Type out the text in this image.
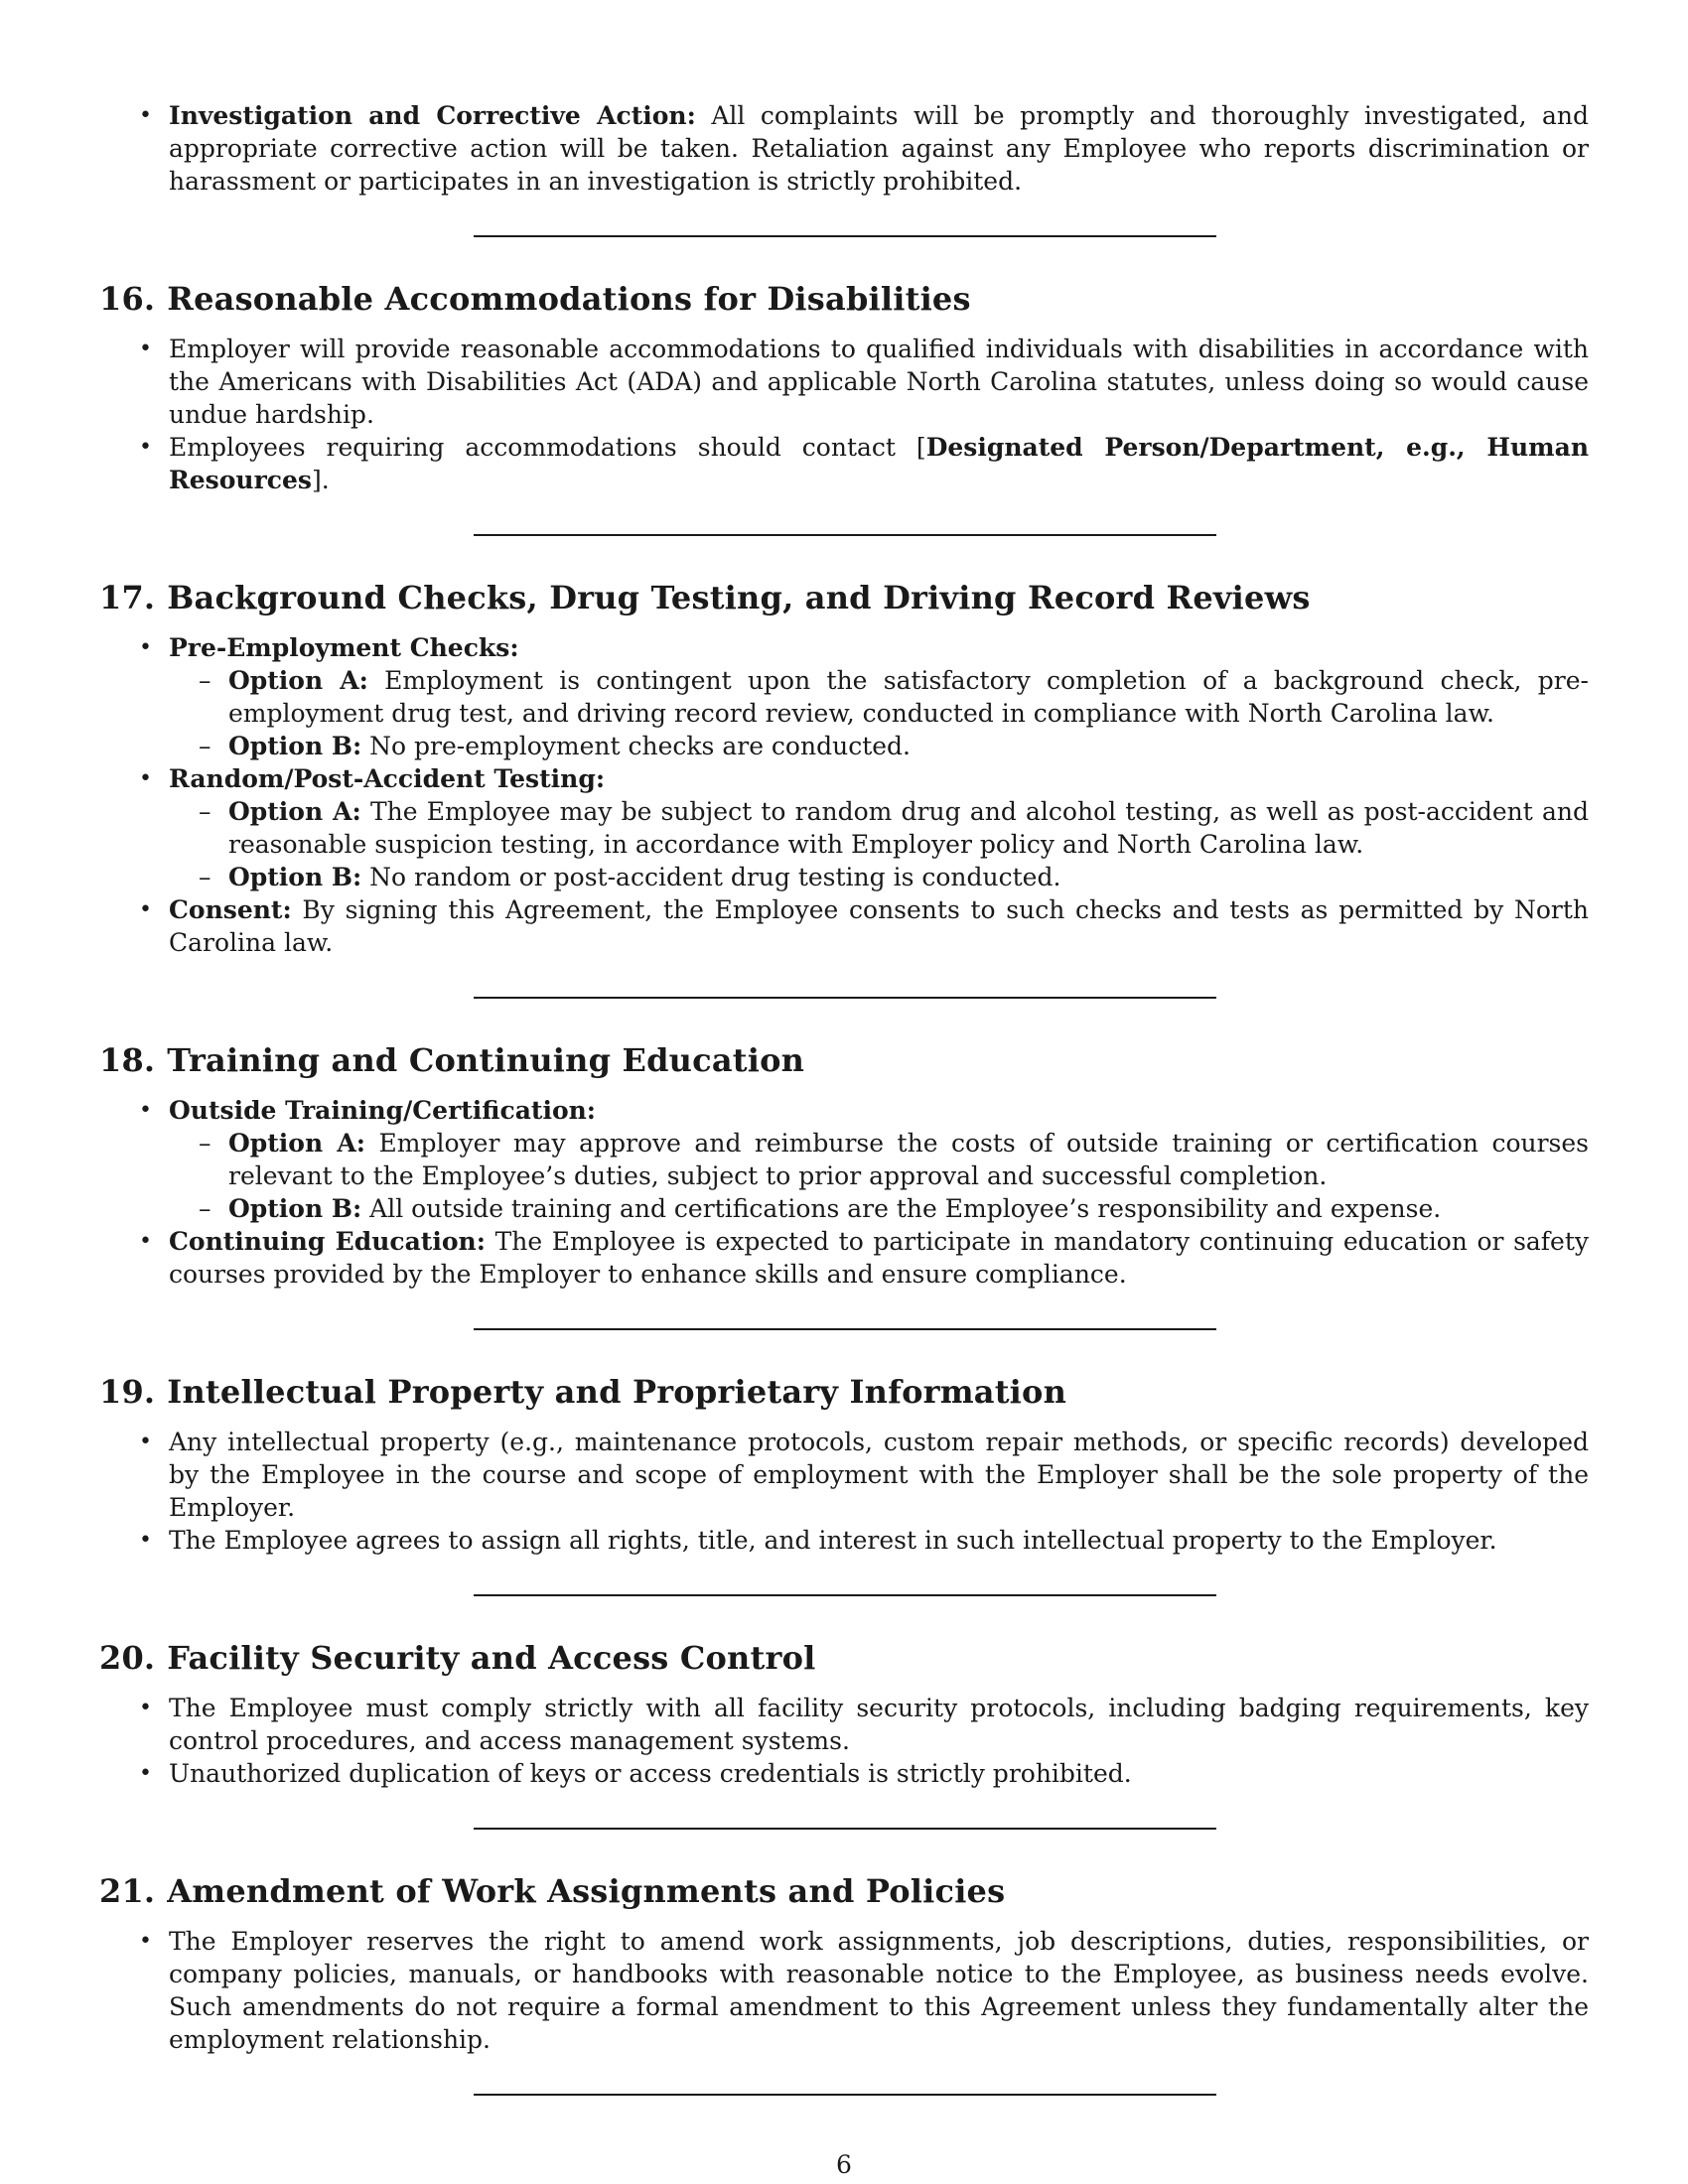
• Investigation and Corrective Action: All complaints will be promptly and thoroughly investigated, and appropriate corrective action will be taken. Retaliation against any Employee who reports discrimination or harassment or participates in an investigation is strictly prohibited.
16. Reasonable Accommodations for Disabilities
• Employer will provide reasonable accommodations to qualified individuals with disabilities in accordance with the Americans with Disabilities Act (ADA) and applicable North Carolina statutes, unless doing so would cause undue hardship.
• Employees requiring accommodations should contact [Designated Person/Department, e.g., Human Resources].
17. Background Checks, Drug Testing, and Driving Record Reviews
• Pre-Employment Checks:
– Option A: Employment is contingent upon the satisfactory completion of a background check, pre-employment drug test, and driving record review, conducted in compliance with North Carolina law.
– Option B: No pre-employment checks are conducted.
• Random/Post-Accident Testing:
– Option A: The Employee may be subject to random drug and alcohol testing, as well as post-accident and reasonable suspicion testing, in accordance with Employer policy and North Carolina law.
– Option B: No random or post-accident drug testing is conducted.
• Consent: By signing this Agreement, the Employee consents to such checks and tests as permitted by North Carolina law.
18. Training and Continuing Education
• Outside Training/Certification:
– Option A: Employer may approve and reimburse the costs of outside training or certification courses relevant to the Employee’s duties, subject to prior approval and successful completion.
– Option B: All outside training and certifications are the Employee’s responsibility and expense.
• Continuing Education: The Employee is expected to participate in mandatory continuing education or safety courses provided by the Employer to enhance skills and ensure compliance.
19. Intellectual Property and Proprietary Information
• Any intellectual property (e.g., maintenance protocols, custom repair methods, or specific records) developed by the Employee in the course and scope of employment with the Employer shall be the sole property of the Employer.
• The Employee agrees to assign all rights, title, and interest in such intellectual property to the Employer.
20. Facility Security and Access Control
• The Employee must comply strictly with all facility security protocols, including badging requirements, key control procedures, and access management systems.
• Unauthorized duplication of keys or access credentials is strictly prohibited.
21. Amendment of Work Assignments and Policies
• The Employer reserves the right to amend work assignments, job descriptions, duties, responsibilities, or company policies, manuals, or handbooks with reasonable notice to the Employee, as business needs evolve. Such amendments do not require a formal amendment to this Agreement unless they fundamentally alter the employment relationship.
6
